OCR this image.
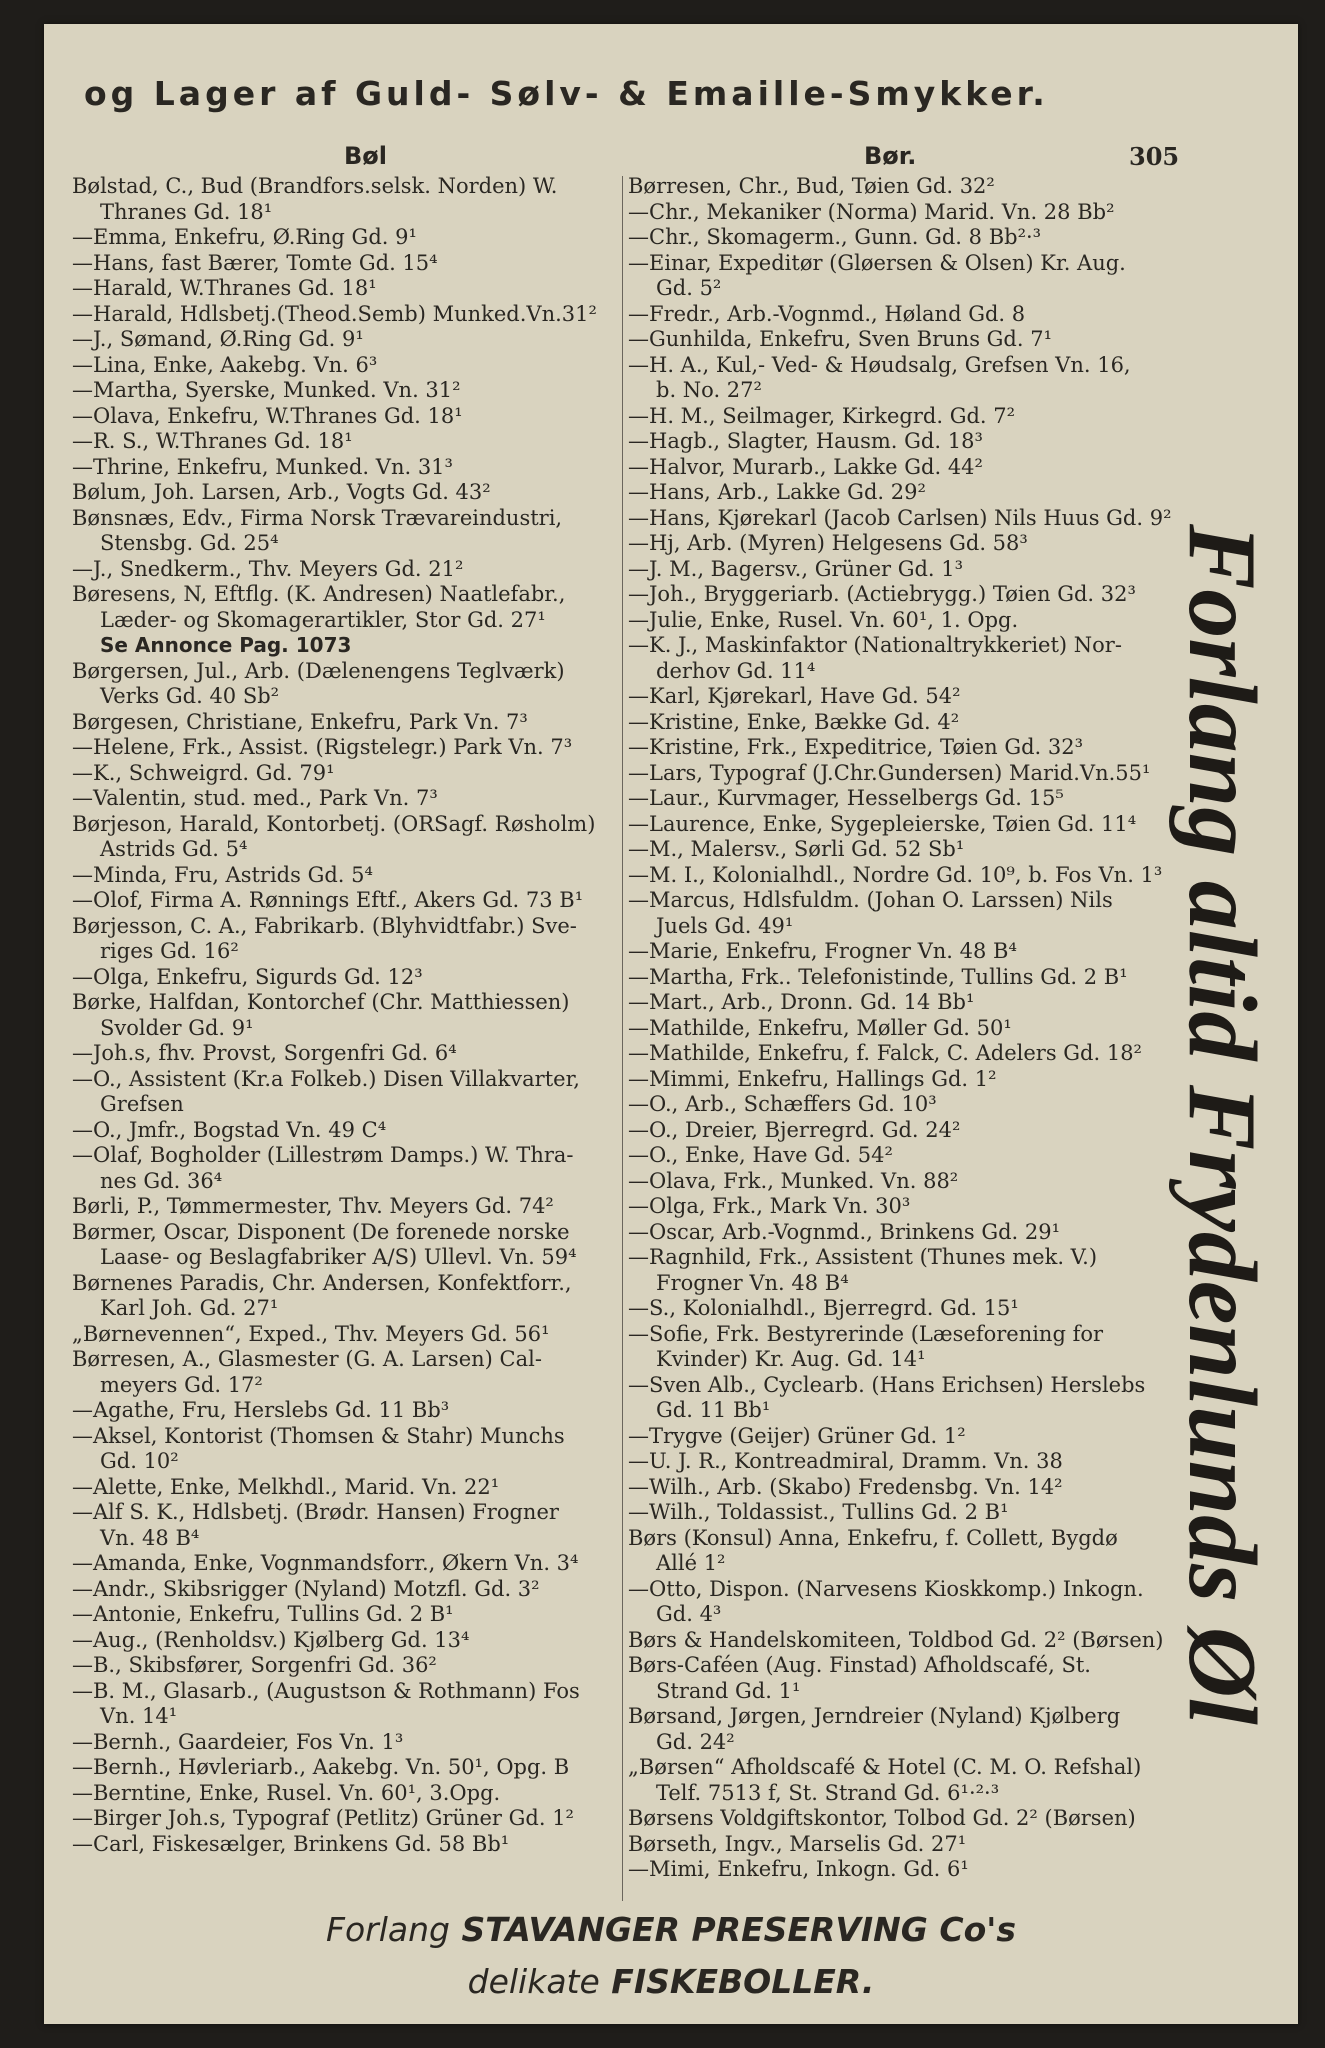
og Lager af Guld- Sølv- & Emaille-Smykker.
Bøl	Bør.	305
Bølstad, C., Bud (Brandfors.selsk. Norden) W.
Thranes Gd. 18¹
—Emma, Enkefru, Ø.Ring Gd. 9¹
—Hans, fast Bærer, Tomte Gd. 15⁴
—Harald, W.Thranes Gd. 18¹
—Harald, Hdlsbetj.(Theod.Semb) Munked.Vn.31²
—J., Sømand, Ø.Ring Gd. 9¹
—Lina, Enke, Aakebg. Vn. 6³
—Martha, Syerske, Munked. Vn. 31²
—Olava, Enkefru, W.Thranes Gd. 18¹
—R. S., W.Thranes Gd. 18¹
—Thrine, Enkefru, Munked. Vn. 31³
Bølum, Joh. Larsen, Arb., Vogts Gd. 43²
Bønsnæs, Edv., Firma Norsk Trævareindustri,
Stensbg. Gd. 25⁴
—J., Snedkerm., Thv. Meyers Gd. 21²
Børesens, N, Eftflg. (K. Andresen) Naatlefabr.,
Læder- og Skomagerartikler, Stor Gd. 27¹
Se Annonce Pag. 1073
Børgersen, Jul., Arb. (Dælenengens Teglværk)
Verks Gd. 40 Sb²
Børgesen, Christiane, Enkefru, Park Vn. 7³
—Helene, Frk., Assist. (Rigstelegr.) Park Vn. 7³
—K., Schweigrd. Gd. 79¹
—Valentin, stud. med., Park Vn. 7³
Børjeson, Harald, Kontorbetj. (ORSagf. Røsholm)
Astrids Gd. 5⁴
—Minda, Fru, Astrids Gd. 5⁴
—Olof, Firma A. Rønnings Eftf., Akers Gd. 73 B¹
Børjesson, C. A., Fabrikarb. (Blyhvidtfabr.) Sve-
riges Gd. 16²
—Olga, Enkefru, Sigurds Gd. 12³
Børke, Halfdan, Kontorchef (Chr. Matthiessen)
Svolder Gd. 9¹
—Joh.s, fhv. Provst, Sorgenfri Gd. 6⁴
—O., Assistent (Kr.a Folkeb.) Disen Villakvarter,
Grefsen
—O., Jmfr., Bogstad Vn. 49 C⁴
—Olaf, Bogholder (Lillestrøm Damps.) W. Thra-
nes Gd. 36⁴
Børli, P., Tømmermester, Thv. Meyers Gd. 74²
Børmer, Oscar, Disponent (De forenede norske
Laase- og Beslagfabriker A/S) Ullevl. Vn. 59⁴
Børnenes Paradis, Chr. Andersen, Konfektforr.,
Karl Joh. Gd. 27¹
„Børnevennen“, Exped., Thv. Meyers Gd. 56¹
Børresen, A., Glasmester (G. A. Larsen) Cal-
meyers Gd. 17²
—Agathe, Fru, Herslebs Gd. 11 Bb³
—Aksel, Kontorist (Thomsen & Stahr) Munchs
Gd. 10²
—Alette, Enke, Melkhdl., Marid. Vn. 22¹
—Alf S. K., Hdlsbetj. (Brødr. Hansen) Frogner
Vn. 48 B⁴
—Amanda, Enke, Vognmandsforr., Økern Vn. 3⁴
—Andr., Skibsrigger (Nyland) Motzfl. Gd. 3²
—Antonie, Enkefru, Tullins Gd. 2 B¹
—Aug., (Renholdsv.) Kjølberg Gd. 13⁴
—B., Skibsfører, Sorgenfri Gd. 36²
—B. M., Glasarb., (Augustson & Rothmann) Fos
Vn. 14¹
—Bernh., Gaardeier, Fos Vn. 1³
—Bernh., Høvleriarb., Aakebg. Vn. 50¹, Opg. B
—Berntine, Enke, Rusel. Vn. 60¹, 3.Opg.
—Birger Joh.s, Typograf (Petlitz) Grüner Gd. 1²
—Carl, Fiskesælger, Brinkens Gd. 58 Bb¹
Børresen, Chr., Bud, Tøien Gd. 32²
—Chr., Mekaniker (Norma) Marid. Vn. 28 Bb²
—Chr., Skomagerm., Gunn. Gd. 8 Bb²·³
—Einar, Expeditør (Gløersen & Olsen) Kr. Aug.
Gd. 5²
—Fredr., Arb.-Vognmd., Høland Gd. 8
—Gunhilda, Enkefru, Sven Bruns Gd. 7¹
—H. A., Kul,- Ved- & Høudsalg, Grefsen Vn. 16,
b. No. 27²
—H. M., Seilmager, Kirkegrd. Gd. 7²
—Hagb., Slagter, Hausm. Gd. 18³
—Halvor, Murarb., Lakke Gd. 44²
—Hans, Arb., Lakke Gd. 29²
—Hans, Kjørekarl (Jacob Carlsen) Nils Huus Gd. 9²
—Hj, Arb. (Myren) Helgesens Gd. 58³
—J. M., Bagersv., Grüner Gd. 1³
—Joh., Bryggeriarb. (Actiebrygg.) Tøien Gd. 32³
—Julie, Enke, Rusel. Vn. 60¹, 1. Opg.
—K. J., Maskinfaktor (Nationaltrykkeriet) Nor-
derhov Gd. 11⁴
—Karl, Kjørekarl, Have Gd. 54²
—Kristine, Enke, Bække Gd. 4²
—Kristine, Frk., Expeditrice, Tøien Gd. 32³
—Lars, Typograf (J.Chr.Gundersen) Marid.Vn.55¹
—Laur., Kurvmager, Hesselbergs Gd. 15⁵
—Laurence, Enke, Sygepleierske, Tøien Gd. 11⁴
—M., Malersv., Sørli Gd. 52 Sb¹
—M. I., Kolonialhdl., Nordre Gd. 10⁹, b. Fos Vn. 1³
—Marcus, Hdlsfuldm. (Johan O. Larssen) Nils
Juels Gd. 49¹
—Marie, Enkefru, Frogner Vn. 48 B⁴
—Martha, Frk.. Telefonistinde, Tullins Gd. 2 B¹
—Mart., Arb., Dronn. Gd. 14 Bb¹
—Mathilde, Enkefru, Møller Gd. 50¹
—Mathilde, Enkefru, f. Falck, C. Adelers Gd. 18²
—Mimmi, Enkefru, Hallings Gd. 1²
—O., Arb., Schæffers Gd. 10³
—O., Dreier, Bjerregrd. Gd. 24²
—O., Enke, Have Gd. 54²
—Olava, Frk., Munked. Vn. 88²
—Olga, Frk., Mark Vn. 30³
—Oscar, Arb.-Vognmd., Brinkens Gd. 29¹
—Ragnhild, Frk., Assistent (Thunes mek. V.)
Frogner Vn. 48 B⁴
—S., Kolonialhdl., Bjerregrd. Gd. 15¹
—Sofie, Frk. Bestyrerinde (Læseforening for
Kvinder) Kr. Aug. Gd. 14¹
—Sven Alb., Cyclearb. (Hans Erichsen) Herslebs
Gd. 11 Bb¹
—Trygve (Geijer) Grüner Gd. 1²
—U. J. R., Kontreadmiral, Dramm. Vn. 38
—Wilh., Arb. (Skabo) Fredensbg. Vn. 14²
—Wilh., Toldassist., Tullins Gd. 2 B¹
Børs (Konsul) Anna, Enkefru, f. Collett, Bygdø
Allé 1²
—Otto, Dispon. (Narvesens Kioskkomp.) Inkogn.
Gd. 4³
Børs & Handelskomiteen, Toldbod Gd. 2² (Børsen)
Børs-Caféen (Aug. Finstad) Afholdscafé, St.
Strand Gd. 1¹
Børsand, Jørgen, Jerndreier (Nyland) Kjølberg
Gd. 24²
„Børsen“ Afholdscafé & Hotel (C. M. O. Refshal)
Telf. 7513 f, St. Strand Gd. 6¹·²·³
Børsens Voldgiftskontor, Tolbod Gd. 2² (Børsen)
Børseth, Ingv., Marselis Gd. 27¹
—Mimi, Enkefru, Inkogn. Gd. 6¹
Forlang altid Frydenlunds Øl
Forlang STAVANGER PRESERVING Co's
delikate FISKEBOLLER.
